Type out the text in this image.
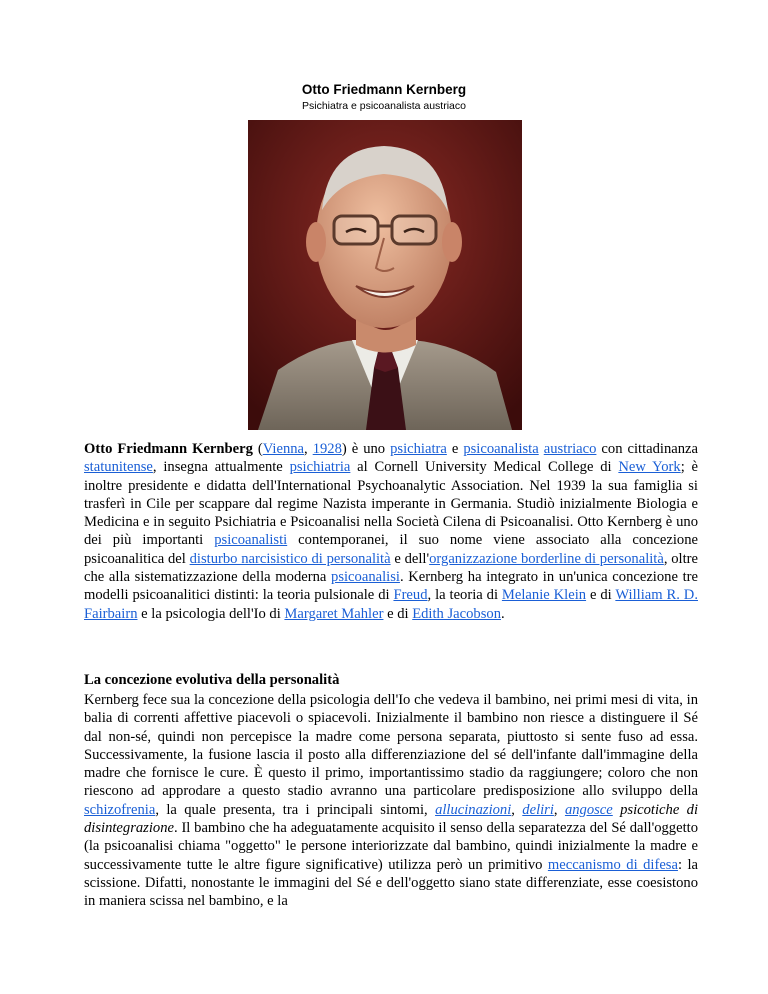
Otto Friedmann Kernberg
Psichiatra e psicoanalista austriaco
Otto Friedmann Kernberg (Vienna, 1928) è uno psichiatra e psicoanalista austriaco con cittadinanza statunitense, insegna attualmente psichiatria al Cornell University Medical College di New York; è inoltre presidente e didatta dell'International Psychoanalytic Association. Nel 1939 la sua famiglia si trasferì in Cile per scappare dal regime Nazista imperante in Germania. Studiò inizialmente Biologia e Medicina e in seguito Psichiatria e Psicoanalisi nella Società Cilena di Psicoanalisi. Otto Kernberg è uno dei più importanti psicoanalisti contemporanei, il suo nome viene associato alla concezione psicoanalitica del disturbo narcisistico di personalità e dell'organizzazione borderline di personalità, oltre che alla sistematizzazione della moderna psicoanalisi. Kernberg ha integrato in un'unica concezione tre modelli psicoanalitici distinti: la teoria pulsionale di Freud, la teoria di Melanie Klein e di William R. D. Fairbairn e la psicologia dell'Io di Margaret Mahler e di Edith Jacobson.
La concezione evolutiva della personalità
Kernberg fece sua la concezione della psicologia dell'Io che vedeva il bambino, nei primi mesi di vita, in balia di correnti affettive piacevoli o spiacevoli. Inizialmente il bambino non riesce a distinguere il Sé dal non-sé, quindi non percepisce la madre come persona separata, piuttosto si sente fuso ad essa. Successivamente, la fusione lascia il posto alla differenziazione del sé dell'infante dall'immagine della madre che fornisce le cure. È questo il primo, importantissimo stadio da raggiungere; coloro che non riescono ad approdare a questo stadio avranno una particolare predisposizione allo sviluppo della schizofrenia, la quale presenta, tra i principali sintomi, allucinazioni, deliri, angosce psicotiche di disintegrazione. Il bambino che ha adeguatamente acquisito il senso della separatezza del Sé dall'oggetto (la psicoanalisi chiama "oggetto" le persone interiorizzate dal bambino, quindi inizialmente la madre e successivamente tutte le altre figure significative) utilizza però un primitivo meccanismo di difesa: la scissione. Difatti, nonostante le immagini del Sé e dell'oggetto siano state differenziate, esse coesistono in maniera scissa nel bambino, e la
